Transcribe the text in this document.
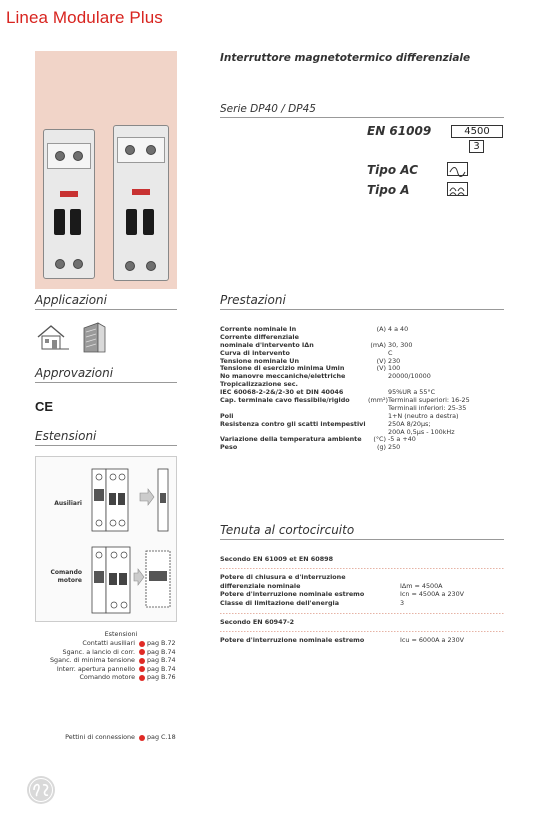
Linea Modulare Plus
Interruttore magnetotermico differenziale
Serie DP40 / DP45
EN 61009	4500
3
Tipo AC
Tipo A
Applicazioni	Prestazioni
Approvazioni
CE
Estensioni
Corrente nominale In	(A) 4 a 40
Corrente differenziale
nominale d'intervento IΔn	(mA) 30, 300
Curva di intervento	C
Tensione nominale Un	(V) 230
Tensione di esercizio minima Umin	(V) 100
No manovre meccaniche/elettriche	20000/10000
Tropicalizzazione sec.
IEC 60068-2-2&/2-30 et DIN 40046	95%UR a 55°C
Cap. terminale cavo flessibile/rigido	(mm²) Terminali superiori: 16-25
Terminali inferiori: 25-35
Poli	1+N (neutro a destra)
Resistenza contro gli scatti intempestivi	250A 8/20μs;
200A 0,5μs - 100kHz
Variazione della temperatura ambiente	(°C) -5 a +40
Peso	(g) 250
Ausiliari
Comando
motore
Estensioni
Contatti ausiliari pag B.72
Sganc. a lancio di corr. pag B.74
Sganc. di minima tensione pag B.74
Interr. apertura pannello pag B.74
Comando motore pag B.76
Pettini di connessione pag C.18
Tenuta al cortocircuito
Secondo EN 61009 et EN 60898
Potere di chiusura e d'interruzione
differenziale nominale	IΔm = 4500A
Potere d'interruzione nominale estremo	Icn = 4500A a 230V
Classe di limitazione dell'energia	3
Secondo EN 60947-2
Potere d'interruzione nominale estremo	Icu = 6000A a 230V
